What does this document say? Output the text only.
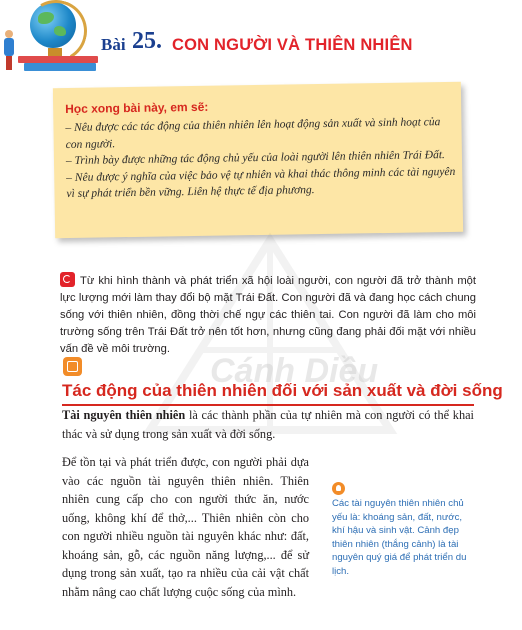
Bài 25. CON NGƯỜI VÀ THIÊN NHIÊN
Học xong bài này, em sẽ:
– Nêu được các tác động của thiên nhiên lên hoạt động sản xuất và sinh hoạt của con người.
– Trình bày được những tác động chủ yếu của loài người lên thiên nhiên Trái Đất.
– Nêu được ý nghĩa của việc bảo vệ tự nhiên và khai thác thông minh các tài nguyên vì sự phát triển bền vững. Liên hệ thực tế địa phương.
Cánh Diều
Từ khi hình thành và phát triển xã hội loài người, con người đã trở thành một lực lượng mới làm thay đổi bộ mặt Trái Đất. Con người đã và đang học cách chung sống với thiên nhiên, đồng thời chế ngự các thiên tai. Con người đã làm cho môi trường sống trên Trái Đất trở nên tốt hơn, nhưng cũng đang phải đối mặt với nhiều vấn đề về môi trường.
Tác động của thiên nhiên đối với sản xuất và đời sống
Tài nguyên thiên nhiên là các thành phần của tự nhiên mà con người có thể khai thác và sử dụng trong sản xuất và đời sống.
Để tồn tại và phát triển được, con người phải dựa vào các nguồn tài nguyên thiên nhiên. Thiên nhiên cung cấp cho con người thức ăn, nước uống, không khí để thở,... Thiên nhiên còn cho con người nhiều nguồn tài nguyên khác như: đất, khoáng sản, gỗ, các nguồn năng lượng,... để sử dụng trong sản xuất, tạo ra nhiều của cải vật chất nhằm nâng cao chất lượng cuộc sống của mình.
Các tài nguyên thiên nhiên chủ yếu là: khoáng sản, đất, nước, khí hậu và sinh vật. Cảnh đẹp thiên nhiên (thắng cảnh) là tài nguyên quý giá để phát triển du lịch.
